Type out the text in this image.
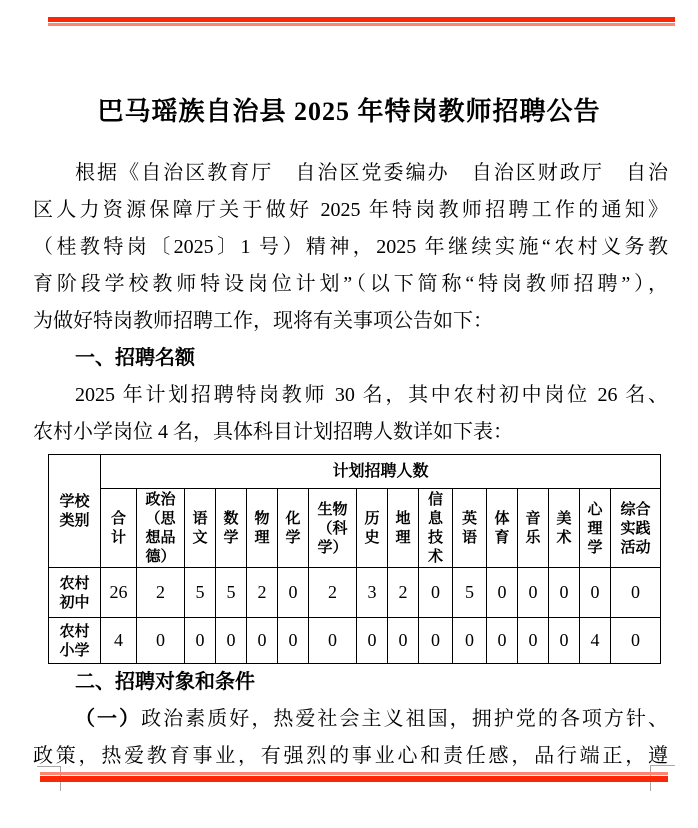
巴马瑶族自治县 2025 年特岗教师招聘公告
根据《自治区教育厅　自治区党委编办　自治区财政厅　自治
区人力资源保障厅关于做好 2025 年特岗教师招聘工作的通知》
（桂教特岗〔2025〕1 号）精神，2025 年继续实施“农村义务教
育阶段学校教师特设岗位计划”（以下简称“特岗教师招聘”），
为做好特岗教师招聘工作，现将有关事项公告如下：
一、招聘名额
2025 年计划招聘特岗教师 30 名，其中农村初中岗位 26 名、
农村小学岗位 4 名，具体科目计划招聘人数详如下表：
学校类别	计划招聘人数															
	合计	政治（思想品德）	语文	数学	物理	化学	生物（科学）	历史	地理	信息技术	英语	体育	音乐	美术	心理学	综合实践活动
农村初中	26	2	5	5	2	0	2	3	2	0	5	0	0	0	0	0
农村小学	4	0	0	0	0	0	0	0	0	0	0	0	0	0	4	0
二、招聘对象和条件
（一）政治素质好，热爱社会主义祖国，拥护党的各项方针、
政策，热爱教育事业，有强烈的事业心和责任感，品行端正，遵
